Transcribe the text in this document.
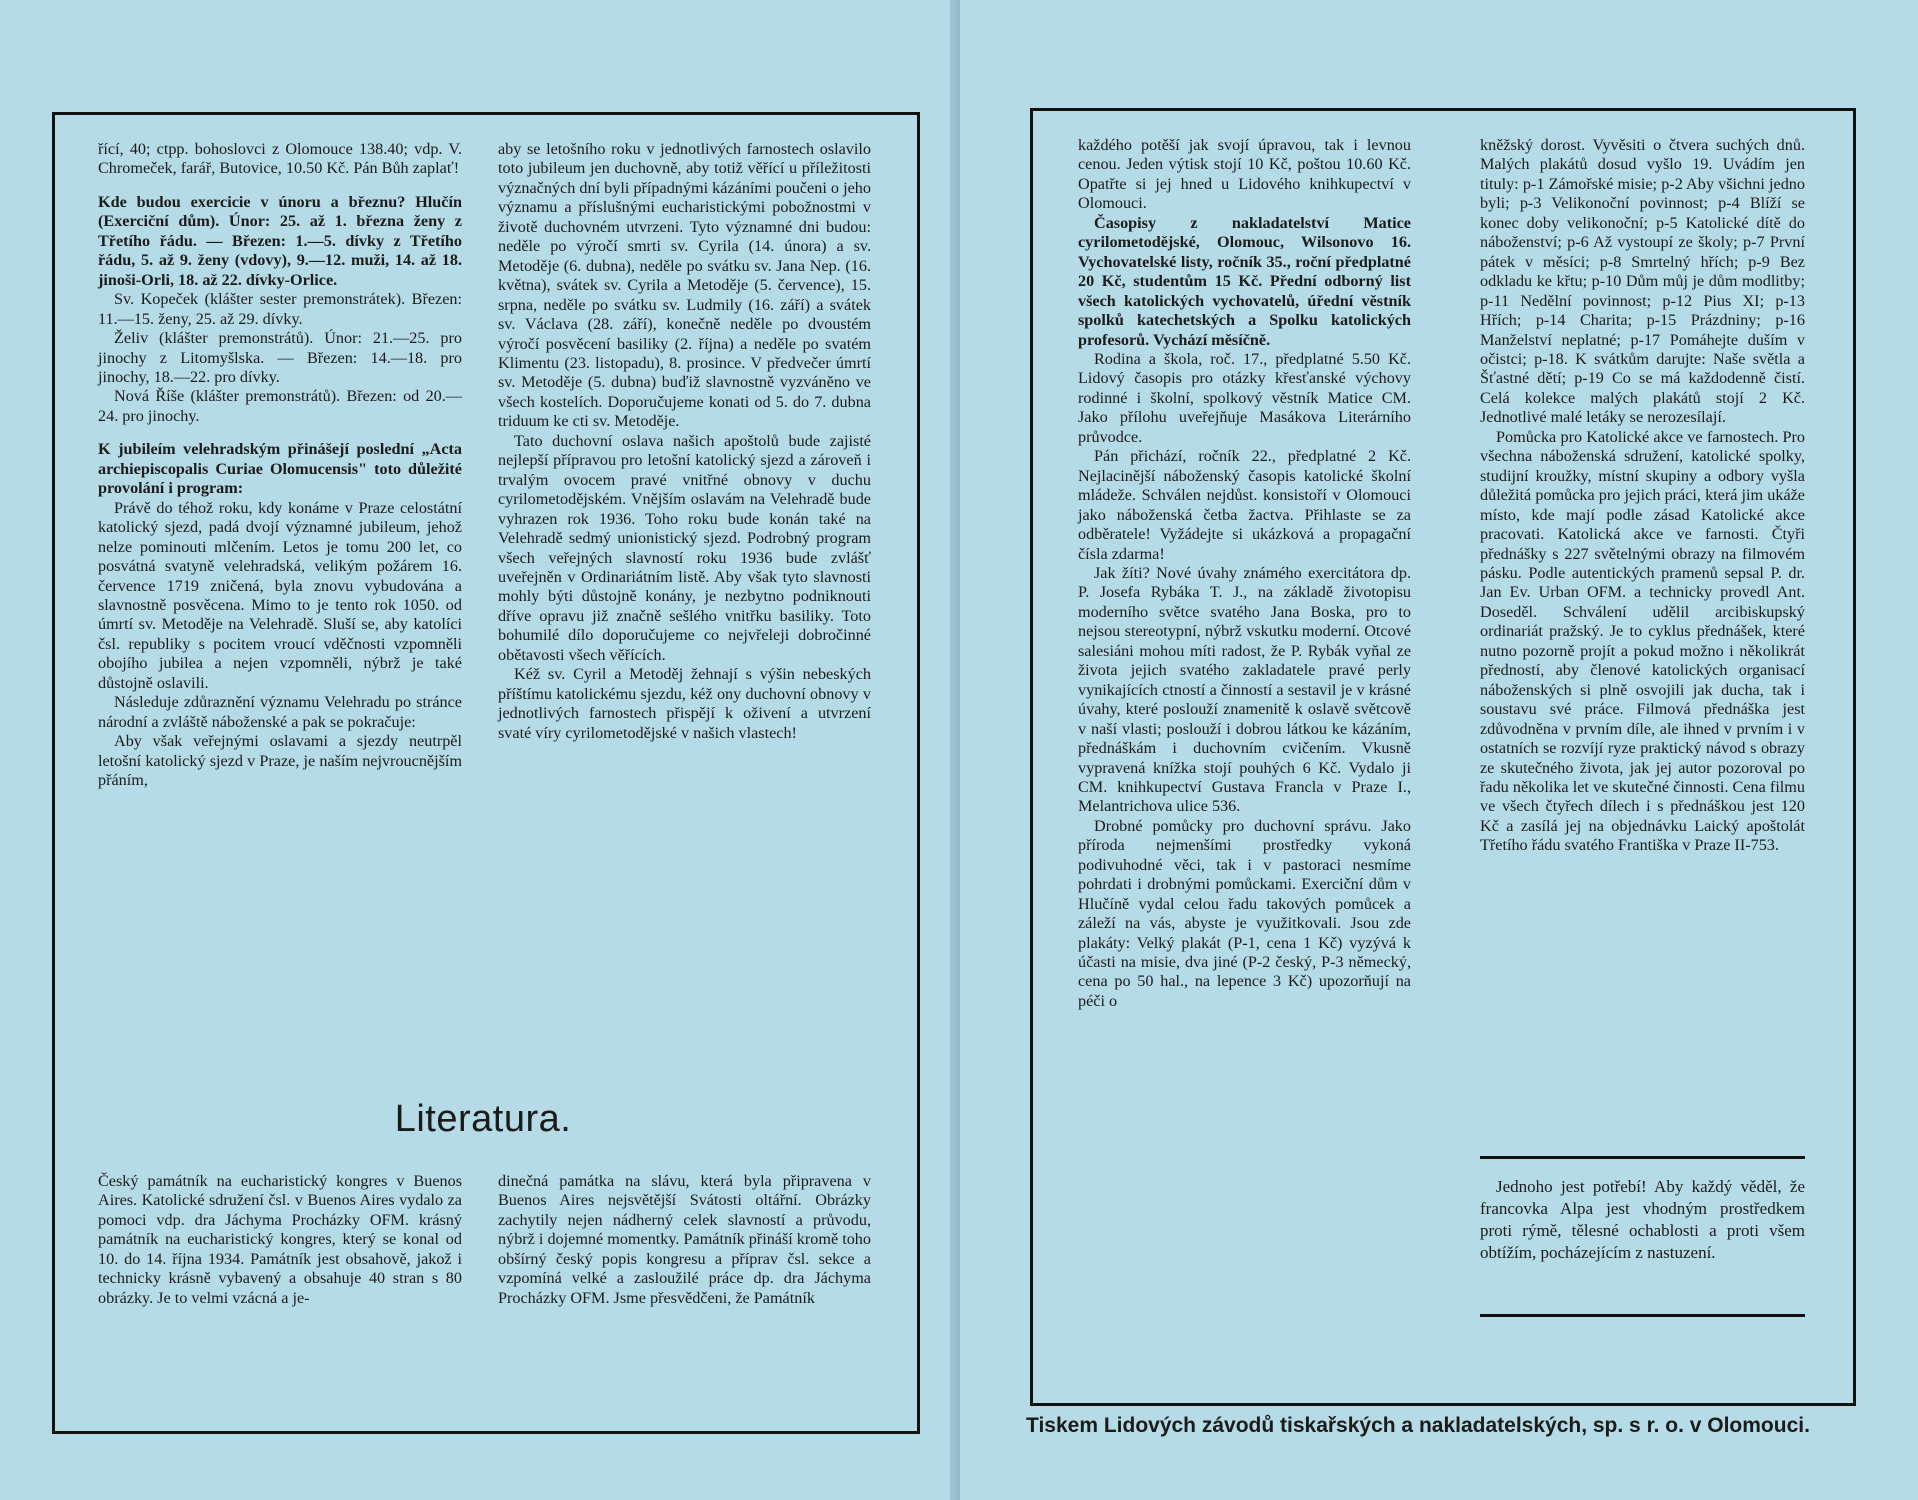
řící, 40; ctpp. bohoslovci z Olomouce 138.40; vdp. V. Chromeček, farář, Butovice, 10.50 Kč. Pán Bůh zaplať!

Kde budou exercicie v únoru a březnu? Hlučín (Exerciční dům). Únor: 25. až 1. března ženy z Třetího řádu. — Březen: 1.—5. dívky z Třetího řádu, 5. až 9. ženy (vdovy), 9.—12. muži, 14. až 18. jinoši-Orli, 18. až 22. dívky-Orlice.

Sv. Kopeček (klášter sester premonstrátek). Březen: 11.—15. ženy, 25. až 29. dívky.

Želiv (klášter premonstrátů). Únor: 21.—25. pro jinochy z Litomyšlska. — Březen: 14.—18. pro jinochy, 18.—22. pro dívky.

Nová Říše (klášter premonstrátů). Březen: od 20.—24. pro jinochy.

K jubileím velehradským přinášejí poslední „Acta archiepiscopalis Curiae Olomucensis" toto důležité provolání i program:

Právě do téhož roku, kdy konáme v Praze celostátní katolický sjezd, padá dvojí významné jubileum, jehož nelze pominouti mlčením. Letos je tomu 200 let, co posvátná svatyně velehradská, velikým požárem 16. července 1719 zničená, byla znovu vybudována a slavnostně posvěcena. Mimo to je tento rok 1050. od úmrtí sv. Metoděje na Velehradě. Sluší se, aby katolíci čsl. republiky s pocitem vroucí vděčnosti vzpomněli obojího jubilea a nejen vzpomněli, nýbrž je také důstojně oslavili.

Následuje zdůraznění významu Velehradu po stránce národní a zvláště náboženské a pak se pokračuje:

Aby však veřejnými oslavami a sjezdy neutrpěl letošní katolický sjezd v Praze, je naším nejvroucnějším přáním,

aby se letošního roku v jednotlivých farnostech oslavilo toto jubileum jen duchovně, aby totiž věřící u příležitosti význačných dní byli případnými kázáními poučeni o jeho významu a příslušnými eucharistickými pobožnostmi v životě duchovném utvrzeni. Tyto významné dni budou: neděle po výročí smrti sv. Cyrila (14. února) a sv. Metoděje (6. dubna), neděle po svátku sv. Jana Nep. (16. května), svátek sv. Cyrila a Metoděje (5. července), 15. srpna, neděle po svátku sv. Ludmily (16. září) a svátek sv. Václava (28. září), konečně neděle po dvoustém výročí posvěcení basiliky (2. října) a neděle po svatém Klimentu (23. listopadu), 8. prosince. V předvečer úmrtí sv. Metoděje (5. dubna) buďiž slavnostně vyzváněno ve všech kostelích. Doporučujeme konati od 5. do 7. dubna triduum ke cti sv. Metoděje.

Tato duchovní oslava našich apoštolů bude zajisté nejlepší přípravou pro letošní katolický sjezd a zároveň i trvalým ovocem pravé vnitřné obnovy v duchu cyrilometodějském. Vnějším oslavám na Velehradě bude vyhrazen rok 1936. Toho roku bude konán také na Velehradě sedmý unionistický sjezd. Podrobný program všech veřejných slavností roku 1936 bude zvlášť uveřejněn v Ordinariátním listě. Aby však tyto slavnosti mohly býti důstojně konány, je nezbytno podniknouti dříve opravu již značně sešlého vnitřku basiliky. Toto bohumilé dílo doporučujeme co nejvřeleji dobročinné obětavosti všech věřících.

Kéž sv. Cyril a Metoděj žehnají s výšin nebeských příštímu katolickému sjezdu, kéž ony duchovní obnovy v jednotlivých farnostech přispějí k oživení a utvrzení svaté víry cyrilometodějské v našich vlastech!

Literatura.

Český památník na eucharistický kongres v Buenos Aires. Katolické sdružení čsl. v Buenos Aires vydalo za pomoci vdp. dra Jáchyma Procházky OFM. krásný památník na eucharistický kongres, který se konal od 10. do 14. října 1934. Památník jest obsahově, jakož i technicky krásně vybavený a obsahuje 40 stran s 80 obrázky. Je to velmi vzácná a je-

dinečná památka na slávu, která byla připravena v Buenos Aires nejsvětější Svátosti oltářní. Obrázky zachytily nejen nádherný celek slavností a průvodu, nýbrž i dojemné momentky. Památník přináší kromě toho obšírný český popis kongresu a příprav čsl. sekce a vzpomíná velké a zasloužilé práce dp. dra Jáchyma Procházky OFM. Jsme přesvědčeni, že Památník

každého potěší jak svojí úpravou, tak i levnou cenou. Jeden výtisk stojí 10 Kč, poštou 10.60 Kč. Opatřte si jej hned u Lidového knihkupectví v Olomouci.

Časopisy z nakladatelství Matice cyrilometodějské, Olomouc, Wilsonovo 16. Vychovatelské listy, ročník 35., roční předplatné 20 Kč, studentům 15 Kč. Přední odborný list všech katolických vychovatelů, úřední věstník spolků katechetských a Spolku katolických profesorů. Vychází měsíčně.

Rodina a škola, roč. 17., předplatné 5.50 Kč. Lidový časopis pro otázky křesťanské výchovy rodinné i školní, spolkový věstník Matice CM. Jako přílohu uveřejňuje Masákova Literárního průvodce.

Pán přichází, ročník 22., předplatné 2 Kč. Nejlacinější náboženský časopis katolické školní mládeže. Schválen nejdůst. konsistoří v Olomouci jako náboženská četba žactva. Přihlaste se za odběratele! Vyžádejte si ukázková a propagační čísla zdarma!

Jak žíti? Nové úvahy známého exercitátora dp. P. Josefa Rybáka T. J., na základě životopisu moderního světce svatého Jana Boska, pro to nejsou stereotypní, nýbrž vskutku moderní. Otcové salesiáni mohou míti radost, že P. Rybák vyňal ze života jejich svatého zakladatele pravé perly vynikajících ctností a činností a sestavil je v krásné úvahy, které poslouží znamenitě k oslavě světcově v naší vlasti; poslouží i dobrou látkou ke kázáním, přednáškám i duchovním cvičením. Vkusně vypravená knížka stojí pouhých 6 Kč. Vydalo ji CM. knihkupectví Gustava Francla v Praze I., Melantrichova ulice 536.

Drobné pomůcky pro duchovní správu. Jako příroda nejmenšími prostředky vykoná podivuhodné věci, tak i v pastoraci nesmíme pohrdati i drobnými pomůckami. Exerciční dům v Hlučíně vydal celou řadu takových pomůcek a záleží na vás, abyste je využitkovali. Jsou zde plakáty: Velký plakát (P-1, cena 1 Kč) vyzývá k účasti na misie, dva jiné (P-2 český, P-3 německý, cena po 50 hal., na lepence 3 Kč) upozorňují na péči o

kněžský dorost. Vyvěsiti o čtvera suchých dnů. Malých plakátů dosud vyšlo 19. Uvádím jen tituly: p-1 Zámořské misie; p-2 Aby všichni jedno byli; p-3 Velikonoční povinnost; p-4 Blíží se konec doby velikonoční; p-5 Katolické dítě do náboženství; p-6 Až vystoupí ze školy; p-7 První pátek v měsíci; p-8 Smrtelný hřích; p-9 Bez odkladu ke křtu; p-10 Dům můj je dům modlitby; p-11 Nedělní povinnost; p-12 Pius XI; p-13 Hřích; p-14 Charita; p-15 Prázdniny; p-16 Manželství neplatné; p-17 Pomáhejte duším v očistci; p-18. K svátkům darujte: Naše světla a Šťastné dětí; p-19 Co se má každodenně čistí. Celá kolekce malých plakátů stojí 2 Kč. Jednotlivé malé letáky se nerozesílají.

Pomůcka pro Katolické akce ve farnostech. Pro všechna náboženská sdružení, katolické spolky, studijní kroužky, místní skupiny a odbory vyšla důležitá pomůcka pro jejich práci, která jim ukáže místo, kde mají podle zásad Katolické akce pracovati. Katolická akce ve farnosti. Čtyři přednášky s 227 světelnými obrazy na filmovém pásku. Podle autentických pramenů sepsal P. dr. Jan Ev. Urban OFM. a technicky provedl Ant. Doseděl. Schválení udělil arcibiskupský ordinariát pražský. Je to cyklus přednášek, které nutno pozorně projít a pokud možno i několikrát předností, aby členové katolických organisací náboženských si plně osvojili jak ducha, tak i soustavu své práce. Filmová přednáška jest zdůvodněna v prvním díle, ale ihned v prvním i v ostatních se rozvíjí ryze praktický návod s obrazy ze skutečného života, jak jej autor pozoroval po řadu několika let ve skutečné činnosti. Cena filmu ve všech čtyřech dílech i s přednáškou jest 120 Kč a zasílá jej na objednávku Laický apoštolát Třetího řádu svatého Františka v Praze II-753.

Jednoho jest potřebí! Aby každý věděl, že francovka Alpa jest vhodným prostředkem proti rýmě, tělesné ochablosti a proti všem obtížím, pocházejícím z nastuzení.

Tiskem Lidových závodů tiskařských a nakladatelských, sp. s r. o. v Olomouci.
